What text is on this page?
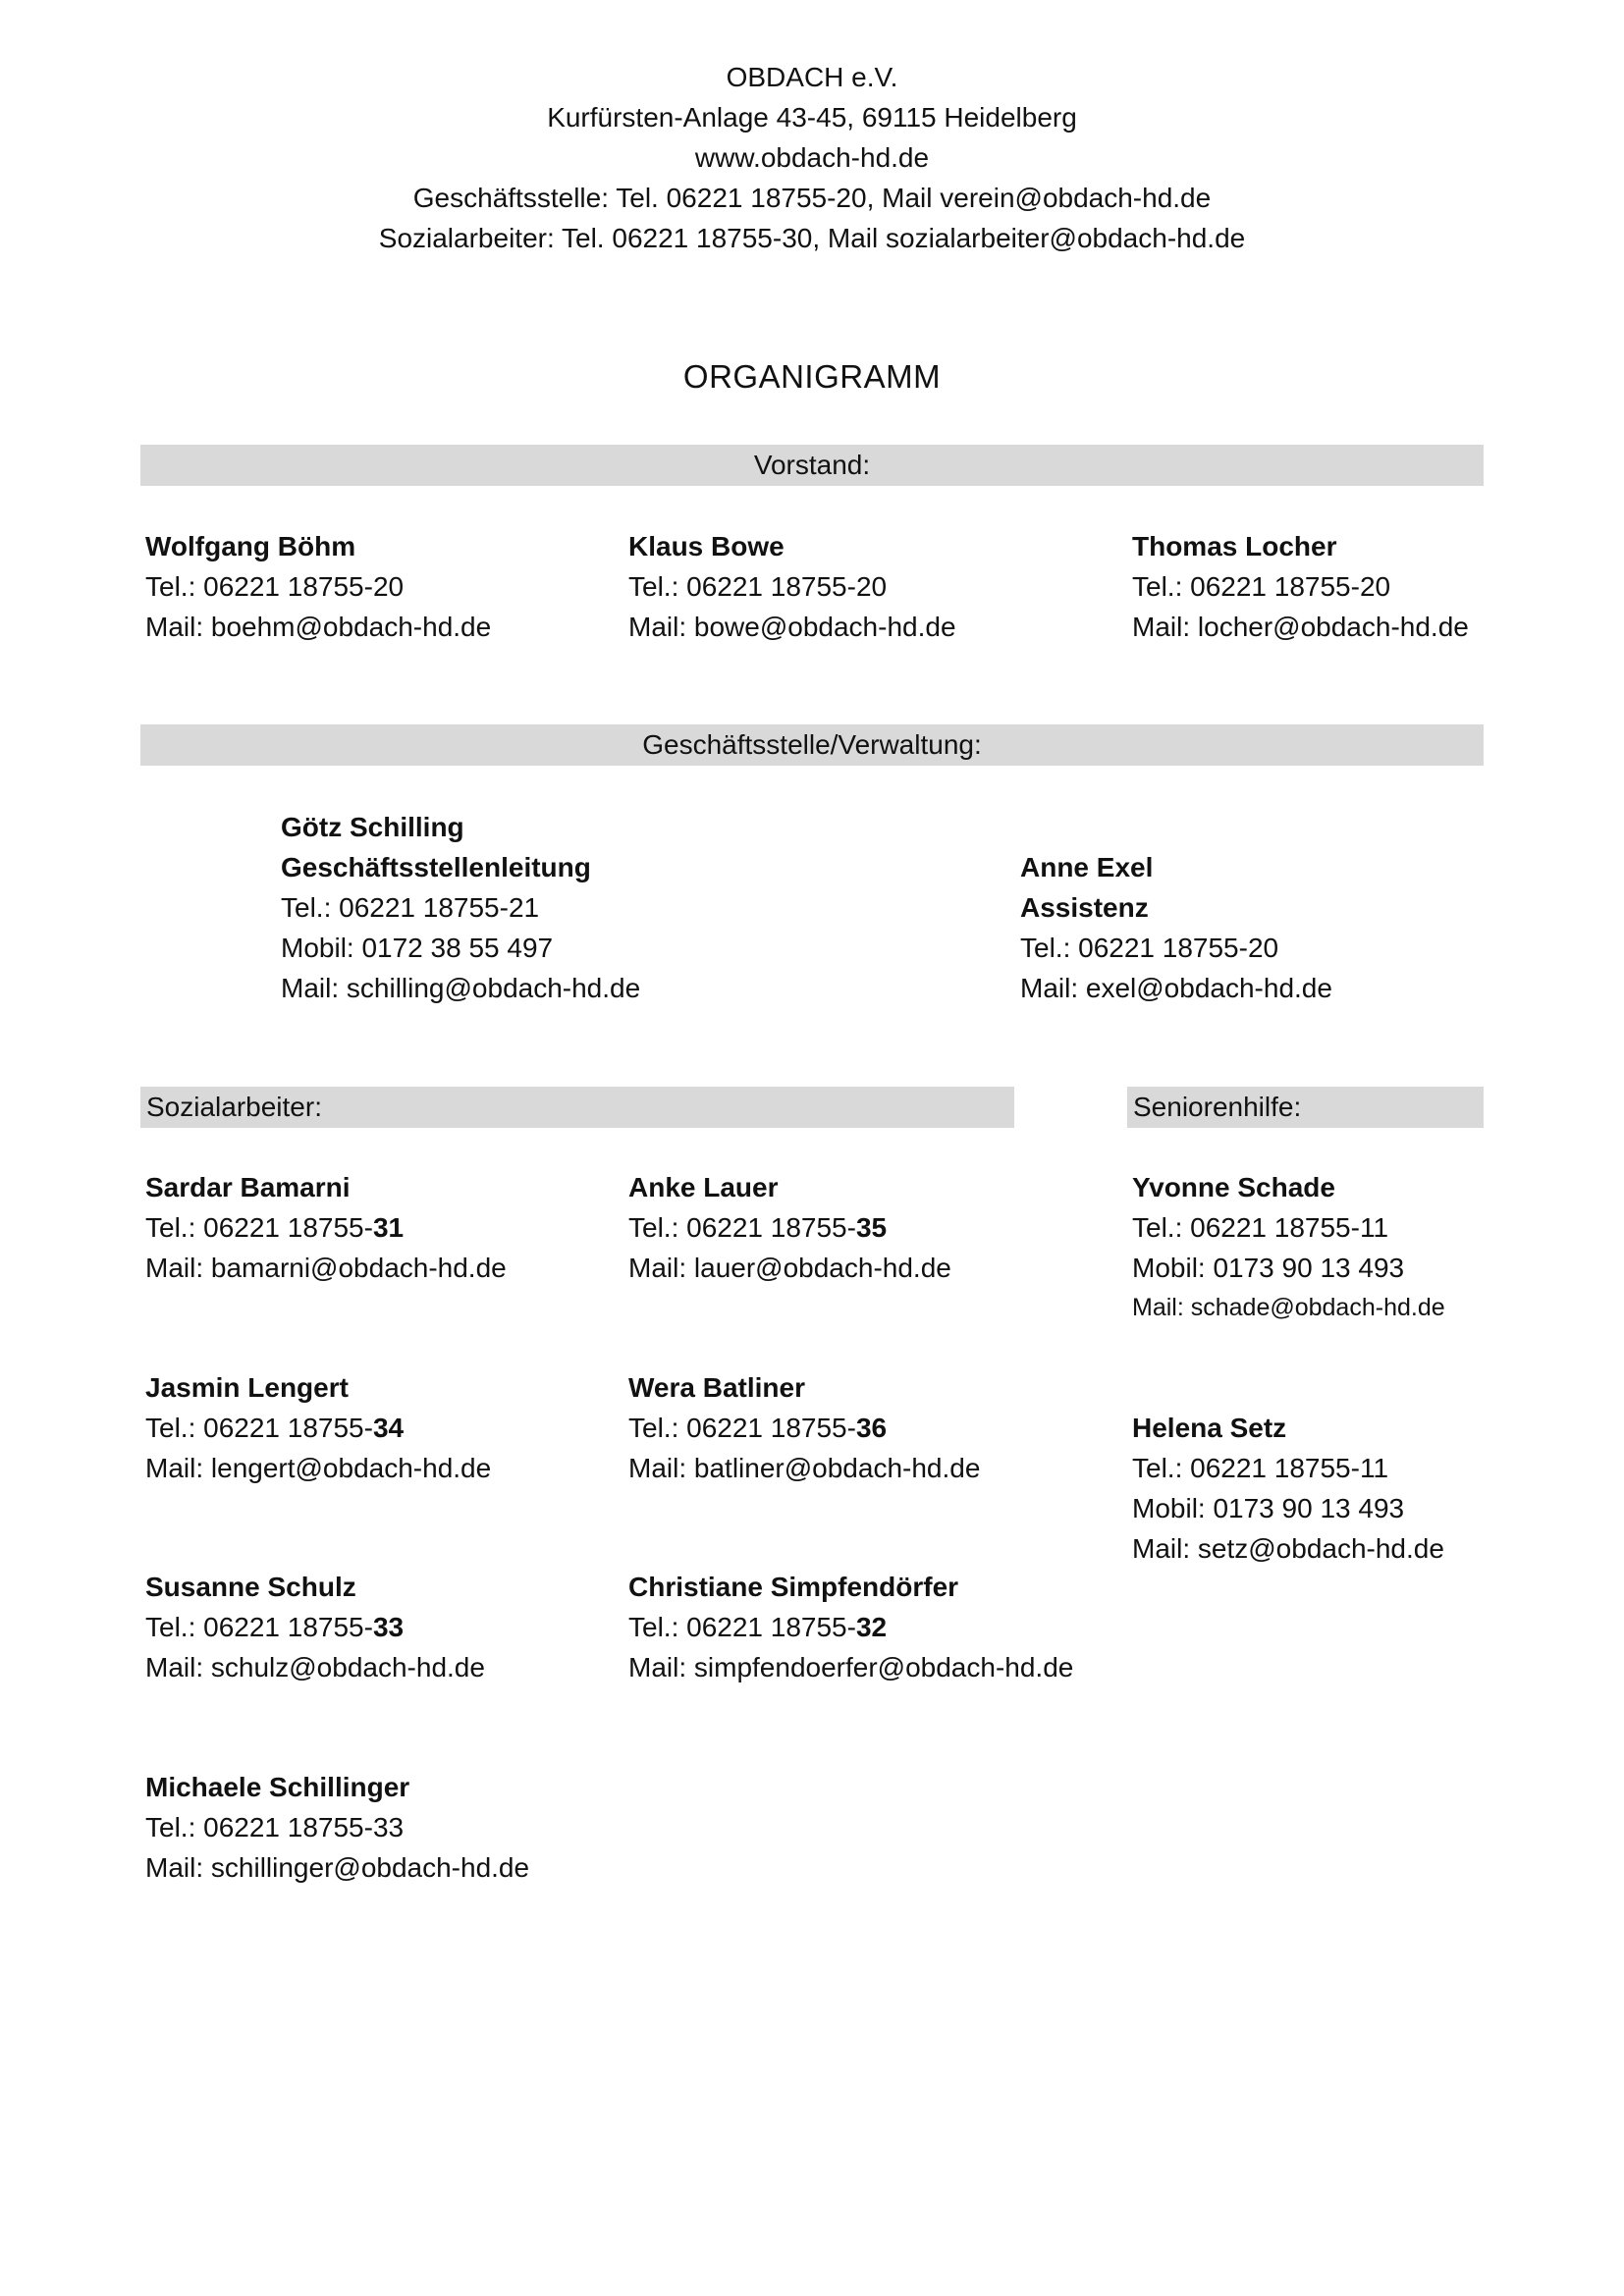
OBDACH e.V.
Kurfürsten-Anlage 43-45, 69115 Heidelberg
www.obdach-hd.de
Geschäftsstelle: Tel. 06221 18755-20, Mail verein@obdach-hd.de
Sozialarbeiter: Tel. 06221 18755-30, Mail sozialarbeiter@obdach-hd.de
ORGANIGRAMM
Vorstand:
Wolfgang Böhm
Tel.: 06221 18755-20
Mail: boehm@obdach-hd.de
Klaus Bowe
Tel.: 06221 18755-20
Mail: bowe@obdach-hd.de
Thomas Locher
Tel.: 06221 18755-20
Mail: locher@obdach-hd.de
Geschäftsstelle/Verwaltung:
Götz Schilling
Geschäftsstellenleitung
Tel.: 06221 18755-21
Mobil: 0172 38 55 497
Mail: schilling@obdach-hd.de
Anne Exel
Assistenz
Tel.: 06221 18755-20
Mail: exel@obdach-hd.de
Sozialarbeiter:	Seniorenhilfe:
Sardar Bamarni
Tel.: 06221 18755-31
Mail: bamarni@obdach-hd.de
Anke Lauer
Tel.: 06221 18755-35
Mail: lauer@obdach-hd.de
Jasmin Lengert
Tel.: 06221 18755-34
Mail: lengert@obdach-hd.de
Wera Batliner
Tel.: 06221 18755-36
Mail: batliner@obdach-hd.de
Susanne Schulz
Tel.: 06221 18755-33
Mail: schulz@obdach-hd.de
Christiane Simpfendörfer
Tel.: 06221 18755-32
Mail: simpfendoerfer@obdach-hd.de
Michaele Schillinger
Tel.: 06221 18755-33
Mail: schillinger@obdach-hd.de
Yvonne Schade
Tel.: 06221 18755-11
Mobil: 0173 90 13 493
Mail: schade@obdach-hd.de
Helena Setz
Tel.: 06221 18755-11
Mobil: 0173 90 13 493
Mail: setz@obdach-hd.de
